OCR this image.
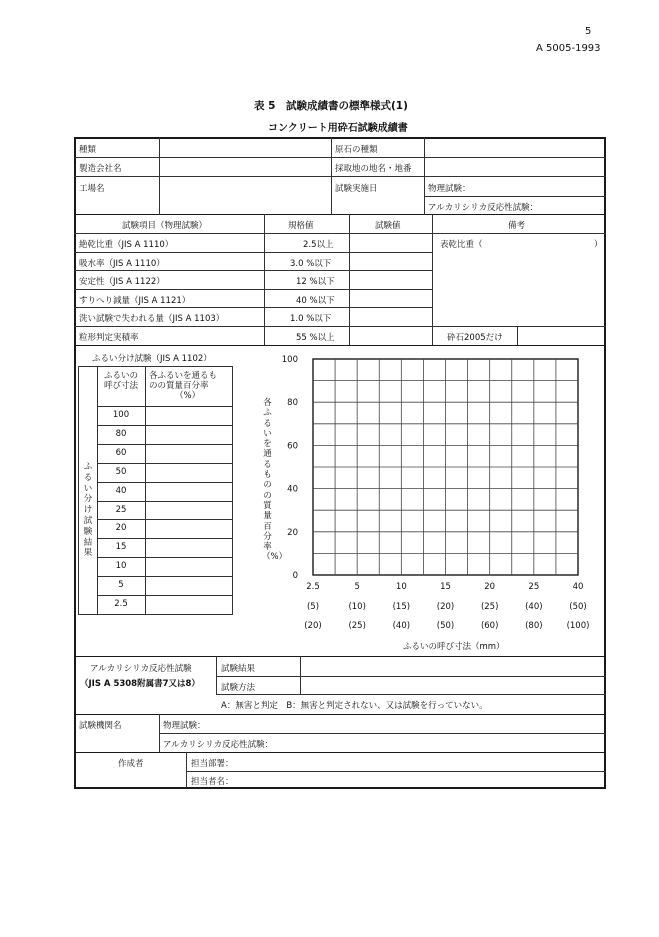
5
A 5005-1993
表 5　試験成績書の標準様式(1)
コンクリート用砕石試験成績書
種類
製造会社名
工場名
原石の種類
採取地の地名・地番
試験実施日	物理試験：
アルカリシリカ反応性試験：
試験項目（物理試験）	規格値	試験値	備考
絶乾比重（JIS A 1110）	2.5以上
吸水率（JIS A 1110）	3.0 %以下
安定性（JIS A 1122）	12 %以下
すりへり減量（JIS A 1121）	40 %以下
洗い試験で失われる量（JIS A 1103）	1.0 %以下
粒形判定実積率	55 %以上
表乾比重（	）
砕石2005だけ
ふるい分け試験（JIS A 1102）
ふるいの
呼び寸法
各ふるいを通るも
のの質量百分率
（%）
ふるい分け試験結果
100
80
60
50
40
25
20
15
10
5
2.5
各ふるいを通るものの質量百分率（%）
100
80
60
40
20
0
2.5	5	10	15	20	25	40
(5)	(10)	(15)	(20)	(25)	(40)	(50)
(20)	(25)	(40)	(50)	(60)	(80)	(100)
ふるいの呼び寸法（mm）
アルカリシリカ反応性試験
（JIS A 5308附属書7又は8）
試験結果
試験方法
A：無害と判定　B：無害と判定されない、又は試験を行っていない。
試験機関名	物理試験：
アルカリシリカ反応性試験：
作成者	担当部署：
担当者名：
